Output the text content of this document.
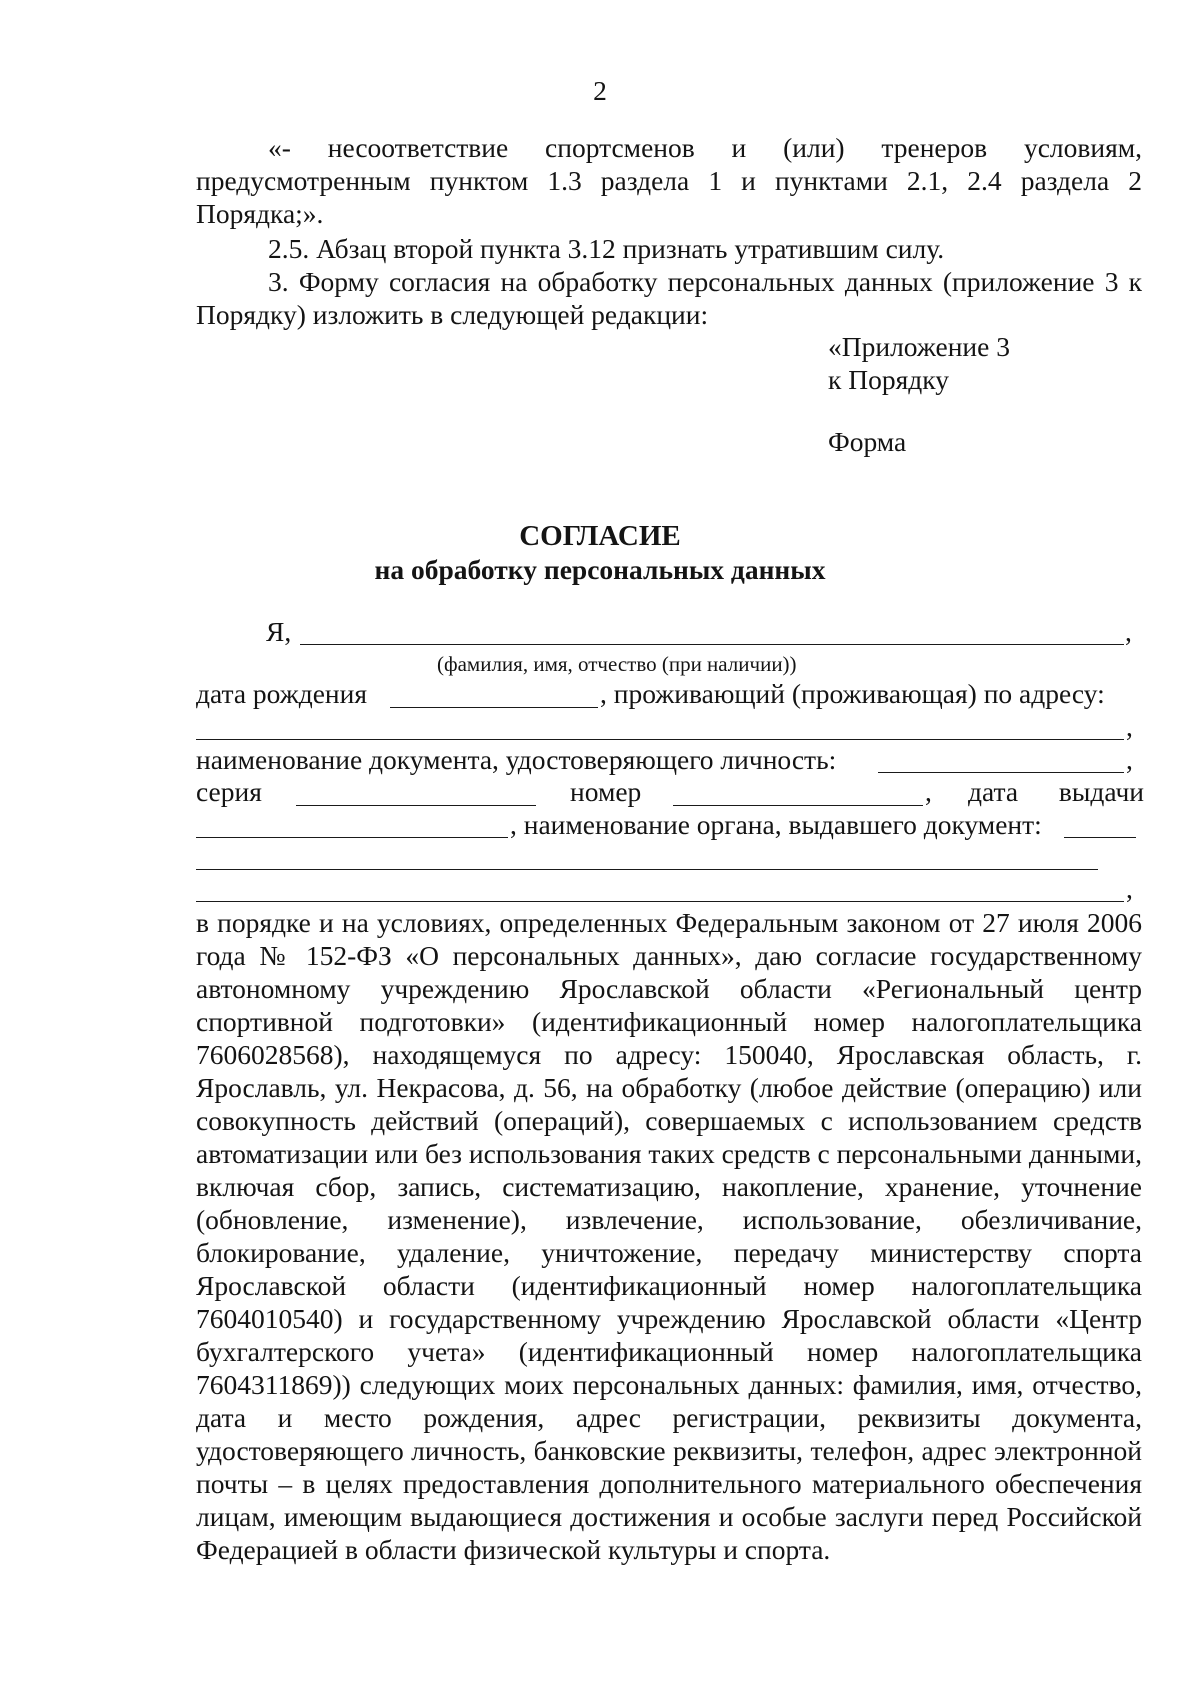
2
«- несоответствие спортсменов и (или) тренеров условиям, предусмотренным пунктом 1.3 раздела 1 и пунктами 2.1, 2.4 раздела 2 Порядка;».
2.5. Абзац второй пункта 3.12 признать утратившим силу.
3. Форму согласия на обработку персональных данных (приложение 3 к Порядку) изложить в следующей редакции:
«Приложение 3
к Порядку
Форма
СОГЛАСИЕ
на обработку персональных данных
Я,	,
(фамилия, имя, отчество (при наличии))
дата рождения	, проживающий (проживающая) по адресу:
,
наименование документа, удостоверяющего личность:	,
серия	номер	, дата выдачи
, наименование органа, выдавшего документ:
,
в порядке и на условиях, определенных Федеральным законом от 27 июля 2006 года № 152-ФЗ «О персональных данных», даю согласие государственному автономному учреждению Ярославской области «Региональный центр спортивной подготовки» (идентификационный номер налогоплательщика 7606028568), находящемуся по адресу: 150040, Ярославская область, г. Ярославль, ул. Некрасова, д. 56, на обработку (любое действие (операцию) или совокупность действий (операций), совершаемых с использованием средств автоматизации или без использования таких средств с персональными данными, включая сбор, запись, систематизацию, накопление, хранение, уточнение (обновление, изменение), извлечение, использование, обезличивание, блокирование, удаление, уничтожение, передачу министерству спорта Ярославской области (идентификационный номер налогоплательщика 7604010540) и государственному учреждению Ярославской области «Центр бухгалтерского учета» (идентификационный номер налогоплательщика 7604311869)) следующих моих персональных данных: фамилия, имя, отчество, дата и место рождения, адрес регистрации, реквизиты документа, удостоверяющего личность, банковские реквизиты, телефон, адрес электронной почты – в целях предоставления дополнительного материального обеспечения лицам, имеющим выдающиеся достижения и особые заслуги перед Российской Федерацией в области физической культуры и спорта.
